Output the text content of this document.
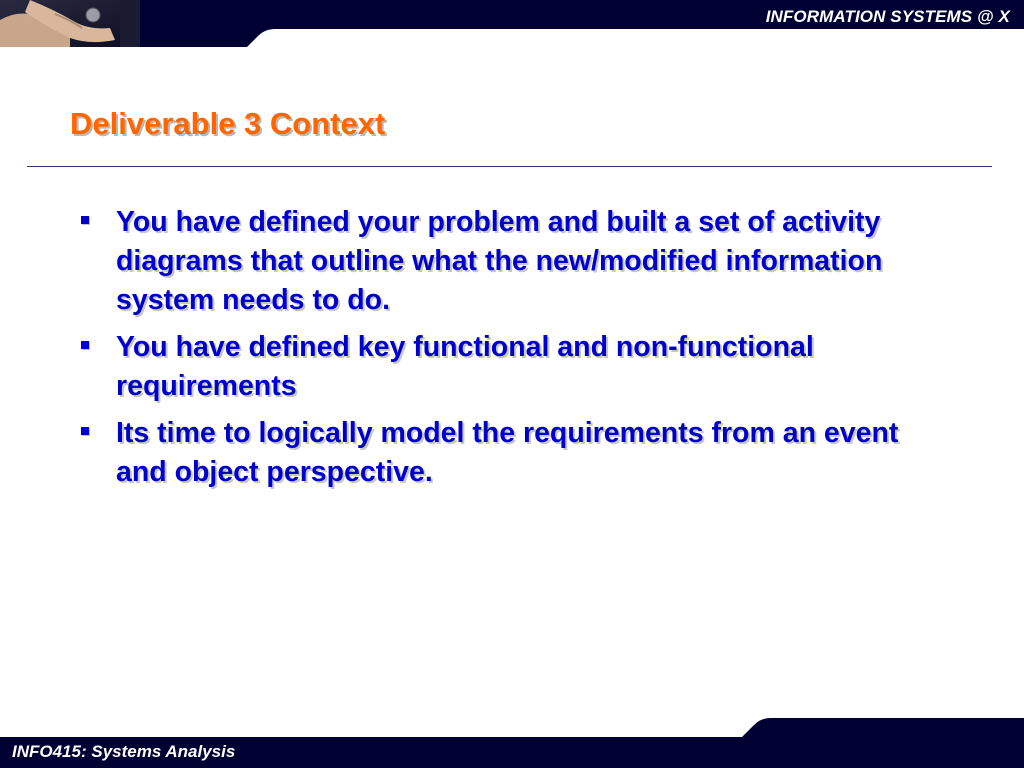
INFORMATION SYSTEMS @ X
Deliverable 3 Context
You have defined your problem and built a set of activity diagrams that outline what the new/modified information system needs to do.
You have defined key functional and non-functional requirements
Its time to logically model the requirements from an event and object perspective.
INFO415: Systems Analysis
